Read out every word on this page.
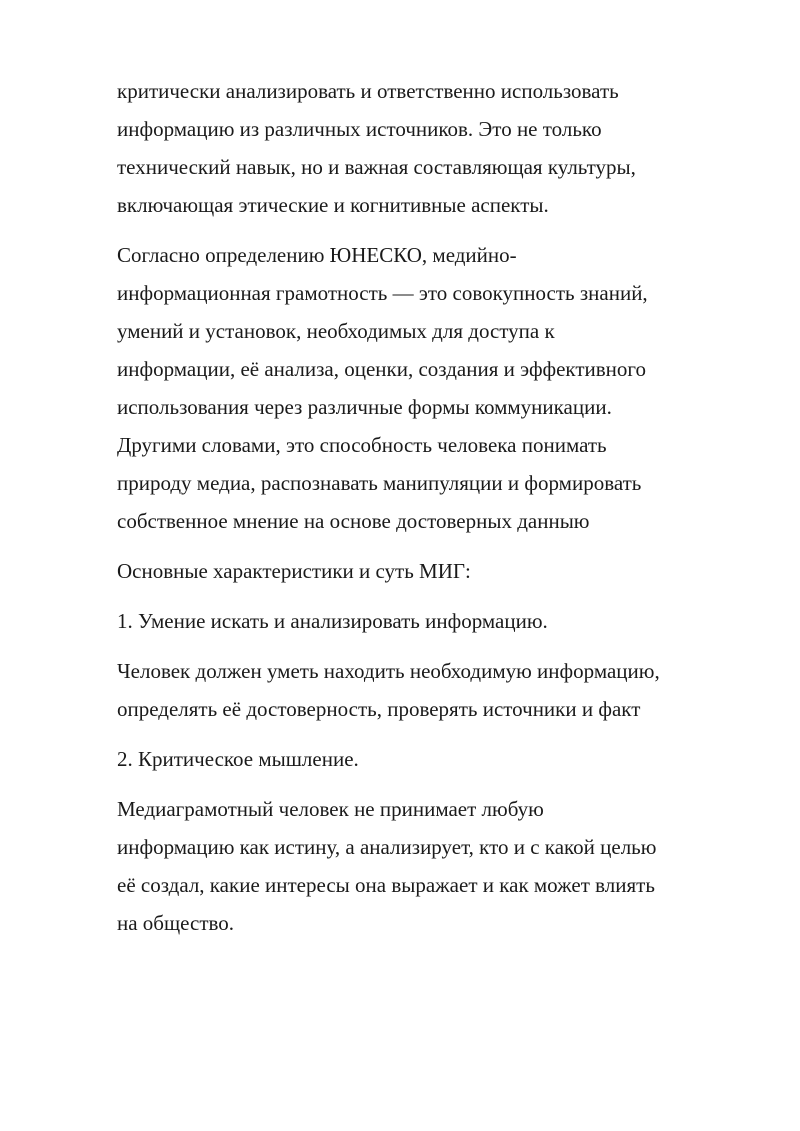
критически анализировать и ответственно использовать
информацию из различных источников. Это не только
технический навык, но и важная составляющая культуры,
включающая этические и когнитивные аспекты.

Согласно определению ЮНЕСКО, медийно-
информационная грамотность — это совокупность знаний,
умений и установок, необходимых для доступа к
информации, её анализа, оценки, создания и эффективного
использования через различные формы коммуникации.
Другими словами, это способность человека понимать
природу медиа, распознавать манипуляции и формировать
собственное мнение на основе достоверных данныю

Основные характеристики и суть МИГ:

1. Умение искать и анализировать информацию.

Человек должен уметь находить необходимую информацию,
определять её достоверность, проверять источники и факт

2. Критическое мышление.

Медиаграмотный человек не принимает любую
информацию как истину, а анализирует, кто и с какой целью
её создал, какие интересы она выражает и как может влиять
на общество.
